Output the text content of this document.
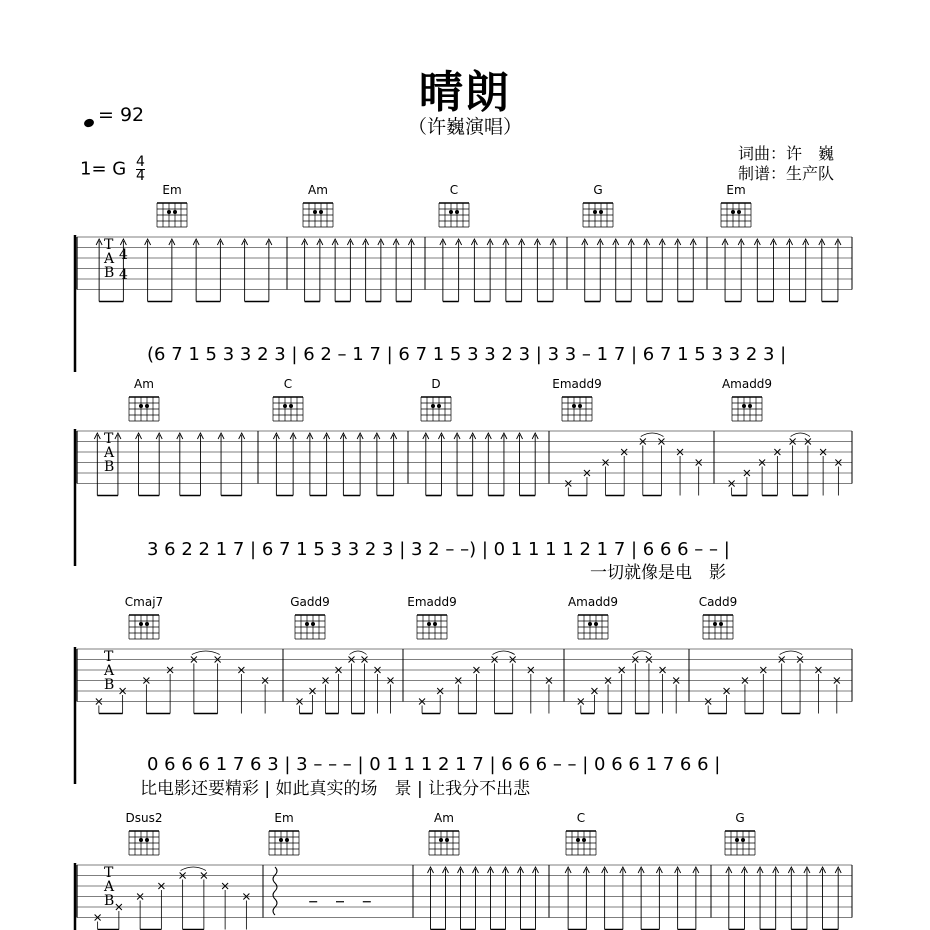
晴朗
（许巍演唱）
= 92
1= G $\frac{4}{4}$
词曲：许　巍
制谱：生产队
T
A
B
4
4
Em	Am	C	G	Em
(6 7 1 5 3 3 2 3 | 6 2 – 1 7 | 6 7 1 5 3 3 2 3 | 3 3 – 1 7 | 6 7 1 5 3 3 2 3 |
T
A
B
Am	C	D	Emadd9	Amadd9
3 6 2 2 1 7 | 6 7 1 5 3 3 2 3 | 3 2 – –) | 0 1 1 1 1 2 1 7 | 6 6 6 – – |
一切就像是电　影
T
A
B
Cmaj7	Gadd9	Emadd9	Amadd9	Cadd9
0 6 6 6 1 7 6 3 | 3 – – – | 0 1 1 1 2 1 7 | 6 6 6 – – | 0 6 6 1 7 6 6 |
比电影还要精彩 | 如此真实的场　景 | 让我分不出悲
T
A
B
Dsus2	Em	Am	C	G
